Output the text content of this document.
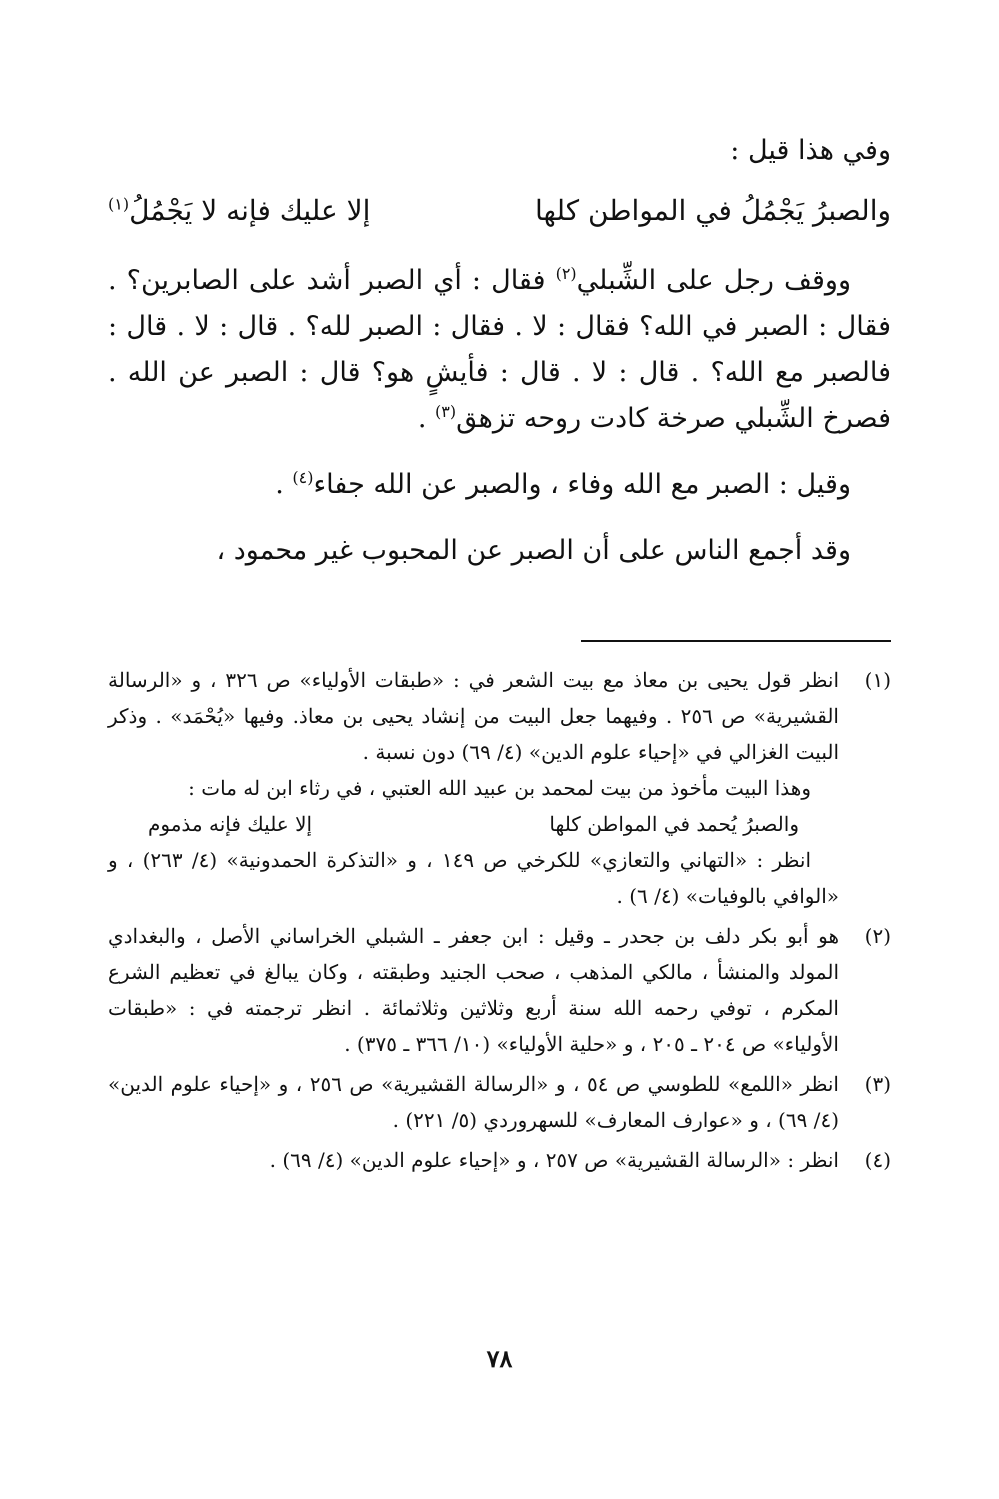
وفي هذا قيل :

والصبرُ يَجْمُلُ في المواطن كلها
إلا عليك فإنه لا يَجْمُلُ$^{(١)}$

ووقف رجل على الشِّبلي$^{(٢)}$ فقال : أي الصبر أشد على الصابرين؟ . فقال : الصبر في الله؟ فقال : لا . فقال : الصبر لله؟ . قال : لا . قال : فالصبر مع الله؟ . قال : لا . قال : فأيشٍ هو؟ قال : الصبر عن الله . فصرخ الشِّبلي صرخة كادت روحه تزهق$^{(٣)}$ .

وقيل : الصبر مع الله وفاء ، والصبر عن الله جفاء$^{(٤)}$ .

وقد أجمع الناس على أن الصبر عن المحبوب غير محمود ،

(١)

انظر قول يحيى بن معاذ مع بيت الشعر في : «طبقات الأولياء» ص ٣٢٦ ، و «الرسالة القشيرية» ص ٢٥٦ . وفيهما جعل البيت من إنشاد يحيى بن معاذ. وفيها «يُحْمَد» . وذكر البيت الغزالي في «إحياء علوم الدين» (٤/ ٦٩) دون نسبة .

وهذا البيت مأخوذ من بيت لمحمد بن عبيد الله العتبي ، في رثاء ابن له مات :

والصبرُ يُحمد في المواطن كلها
إلا عليك فإنه مذموم

انظر : «التهاني والتعازي» للكرخي ص ١٤٩ ، و «التذكرة الحمدونية» (٤/ ٢٦٣) ، و «الوافي بالوفيات» (٤/ ٦) .

(٢)

هو أبو بكر دلف بن جحدر ـ وقيل : ابن جعفر ـ الشبلي الخراساني الأصل ، والبغدادي المولد والمنشأ ، مالكي المذهب ، صحب الجنيد وطبقته ، وكان يبالغ في تعظيم الشرع المكرم ، توفي رحمه الله سنة أربع وثلاثين وثلاثمائة . انظر ترجمته في : «طبقات الأولياء» ص ٢٠٤ ـ ٢٠٥ ، و «حلية الأولياء» (١٠/ ٣٦٦ ـ ٣٧٥) .

(٣)

انظر «اللمع» للطوسي ص ٥٤ ، و «الرسالة القشيرية» ص ٢٥٦ ، و «إحياء علوم الدين» (٤/ ٦٩) ، و «عوارف المعارف» للسهروردي (٥/ ٢٢١) .

(٤)

انظر : «الرسالة القشيرية» ص ٢٥٧ ، و «إحياء علوم الدين» (٤/ ٦٩) .

٧٨
